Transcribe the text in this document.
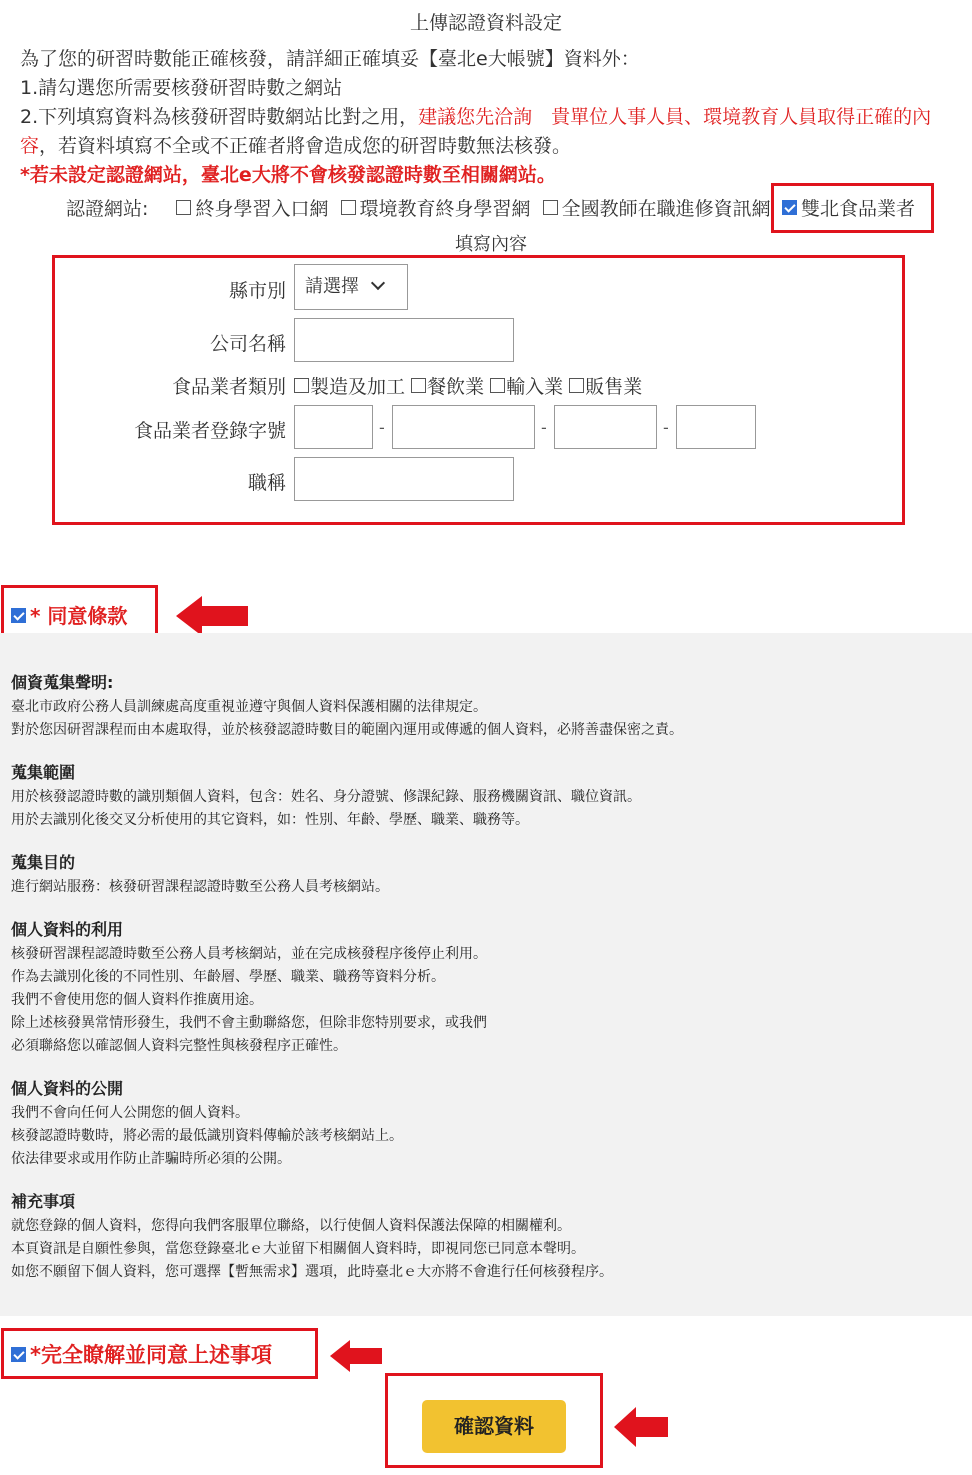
上傳認證資料設定
為了您的研習時數能正確核發，請詳細正確填妥【臺北e大帳號】資料外：
1.請勾選您所需要核發研習時數之網站
2.下列填寫資料為核發研習時數網站比對之用，建議您先洽詢　貴單位人事人員、環境教育人員取得正確的內
容，若資料填寫不全或不正確者將會造成您的研習時數無法核發。
*若未設定認證網站，臺北e大將不會核發認證時數至相關網站。
認證網站: 終身學習入口網 環境教育終身學習網 全國教師在職進修資訊網	雙北食品業者
填寫內容
縣市別	請選擇
公司名稱
食品業者類別	製造及加工 餐飲業 輸入業 販售業
食品業者登錄字號	-	-	-
職稱
* 同意條款
個資蒐集聲明:

臺北市政府公務人員訓練處高度重視並遵守與個人資料保護相關的法律規定。

對於您因研習課程而由本處取得，並於核發認證時數目的範圍內運用或傳遞的個人資料，必將善盡保密之責。

蒐集範圍

用於核發認證時數的識別類個人資料，包含：姓名、身分證號、修課紀錄、服務機關資訊、職位資訊。

用於去識別化後交叉分析使用的其它資料，如：性別、年齡、學歷、職業、職務等。

蒐集目的

進行網站服務：核發研習課程認證時數至公務人員考核網站。

個人資料的利用

核發研習課程認證時數至公務人員考核網站，並在完成核發程序後停止利用。

作為去識別化後的不同性別、年齡層、學歷、職業、職務等資料分析。

我們不會使用您的個人資料作推廣用途。

除上述核發異常情形發生，我們不會主動聯絡您，但除非您特別要求，或我們

必須聯絡您以確認個人資料完整性與核發程序正確性。

個人資料的公開

我們不會向任何人公開您的個人資料。

核發認證時數時，將必需的最低識別資料傳輸於該考核網站上。

依法律要求或用作防止詐騙時所必須的公開。

補充事項

就您登錄的個人資料，您得向我們客服單位聯絡，以行使個人資料保護法保障的相關權利。

本頁資訊是自願性參與，當您登錄臺北ｅ大並留下相關個人資料時，即視同您已同意本聲明。

如您不願留下個人資料，您可選擇【暫無需求】選項，此時臺北ｅ大亦將不會進行任何核發程序。

*完全瞭解並同意上述事項
確認資料
